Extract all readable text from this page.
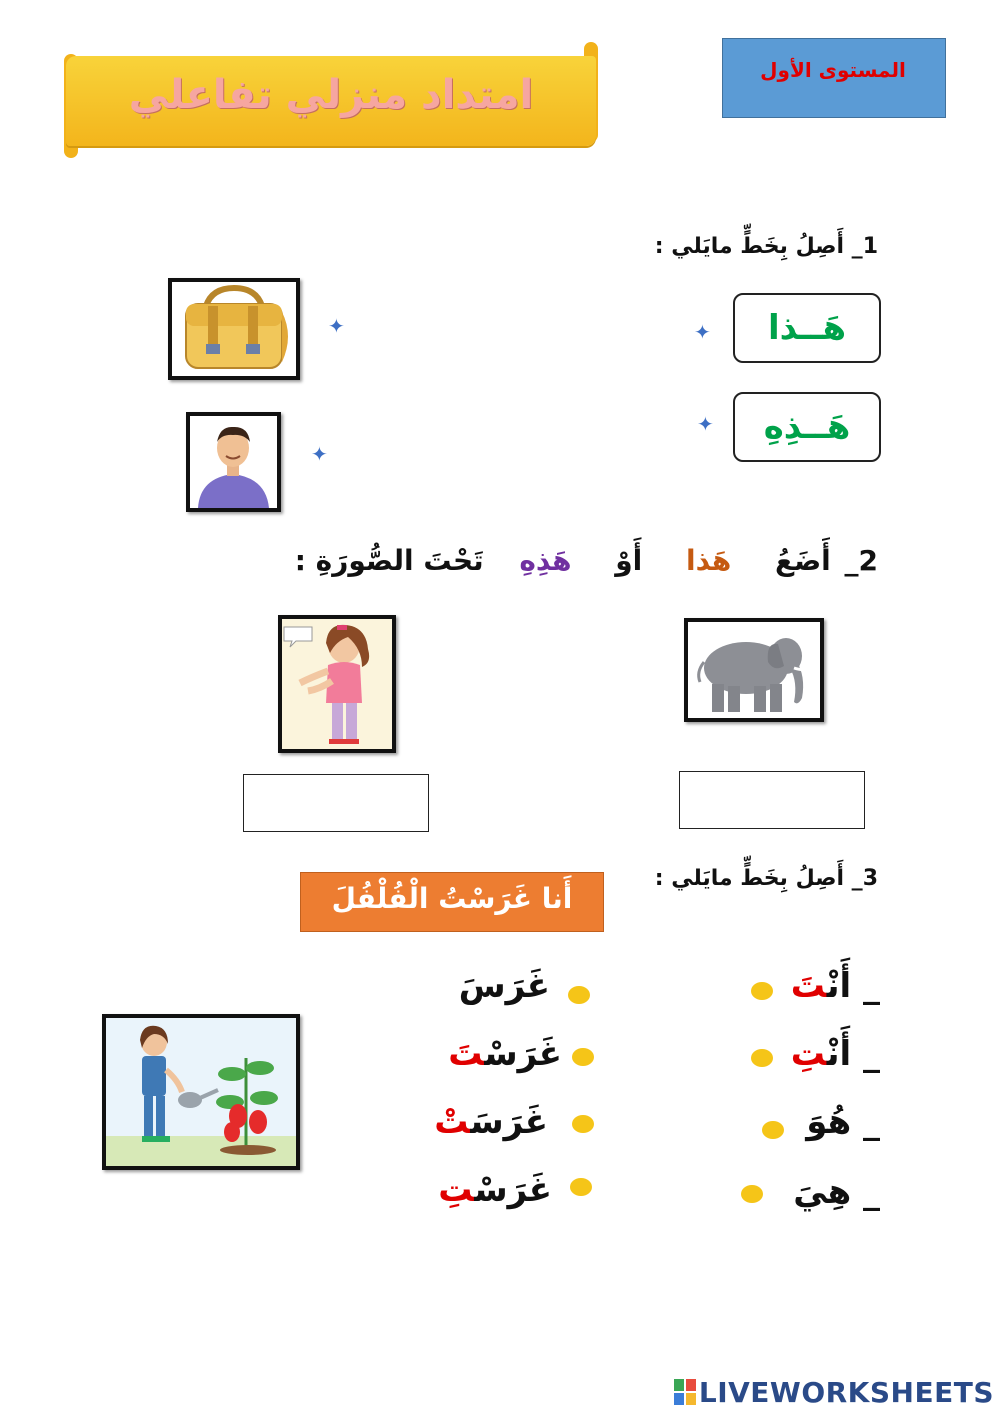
امتداد منزلي تفاعلي
المستوى الأول
1_ أَصِلُ بِخَطٍّ مايَلي :
هَــذا
هَــذِهِ
✦
✦
✦
✦
2_ أَضَعُ هَذا أَوْ هَذِهِ تَحْتَ الصُّورَةِ :
3_ أَصِلُ بِخَطٍّ مايَلي :
أَنا غَرَسْتُ الْفُلْفُلَ
_ أَنْتَ
_ أَنْتِ
_ هُوَ
_ هِيَ
غَرَسَ
غَرَسْتَ
غَرَسَتْ
غَرَسْتِ
LIVEWORKSHEETS
